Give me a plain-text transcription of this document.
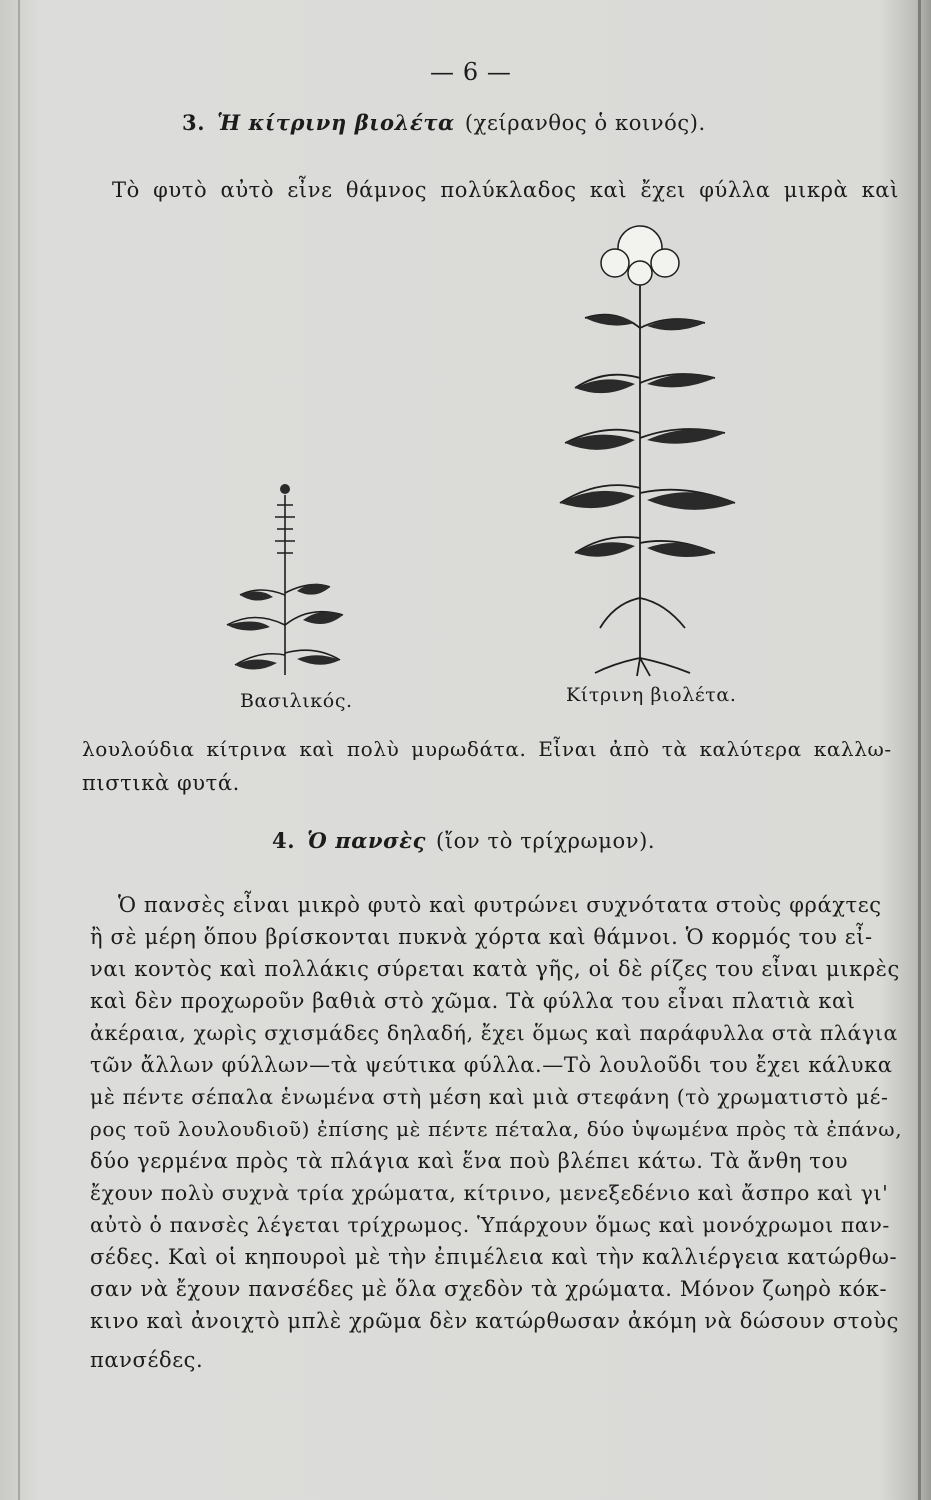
— 6 —
3. Ἡ κίτρινη βιολέτα (χείρανθος ὁ κοινός).
Τὸ φυτὸ αὐτὸ εἶνε θάμνος πολύκλαδος καὶ ἔχει φύλλα μικρὰ καὶ
Βασιλικός.	Κίτρινη βιολέτα.
λουλούδια κίτρινα καὶ πολὺ μυρωδάτα. Εἶναι ἀπὸ τὰ καλύτερα καλλω-
πιστικὰ φυτά.
4. Ὁ πανσὲς (ἴον τὸ τρίχρωμον).
Ὁ πανσὲς εἶναι μικρὸ φυτὸ καὶ φυτρώνει συχνότατα στοὺς φράχτες
ἢ σὲ μέρη ὅπου βρίσκονται πυκνὰ χόρτα καὶ θάμνοι. Ὁ κορμός του εἶ-
ναι κοντὸς καὶ πολλάκις σύρεται κατὰ γῆς, οἱ δὲ ρίζες του εἶναι μικρὲς
καὶ δὲν προχωροῦν βαθιὰ στὸ χῶμα. Τὰ φύλλα του εἶναι πλατιὰ καὶ
ἀκέραια, χωρὶς σχισμάδες δηλαδή, ἔχει ὅμως καὶ παράφυλλα στὰ πλάγια
τῶν ἄλλων φύλλων—τὰ ψεύτικα φύλλα.—Τὸ λουλοῦδι του ἔχει κάλυκα
μὲ πέντε σέπαλα ἑνωμένα στὴ μέση καὶ μιὰ στεφάνη (τὸ χρωματιστὸ μέ-
ρος τοῦ λουλουδιοῦ) ἐπίσης μὲ πέντε πέταλα, δύο ὑψωμένα πρὸς τὰ ἐπάνω,
δύο γερμένα πρὸς τὰ πλάγια καὶ ἕνα ποὺ βλέπει κάτω. Τὰ ἄνθη του
ἔχουν πολὺ συχνὰ τρία χρώματα, κίτρινο, μενεξεδένιο καὶ ἄσπρο καὶ γι'
αὐτὸ ὁ πανσὲς λέγεται τρίχρωμος. Ὑπάρχουν ὅμως καὶ μονόχρωμοι παν-
σέδες. Καὶ οἱ κηπουροὶ μὲ τὴν ἐπιμέλεια καὶ τὴν καλλιέργεια κατώρθω-
σαν νὰ ἔχουν πανσέδες μὲ ὅλα σχεδὸν τὰ χρώματα. Μόνον ζωηρὸ κόκ-
κινο καὶ ἀνοιχτὸ μπλὲ χρῶμα δὲν κατώρθωσαν ἀκόμη νὰ δώσουν στοὺς
πανσέδες.
